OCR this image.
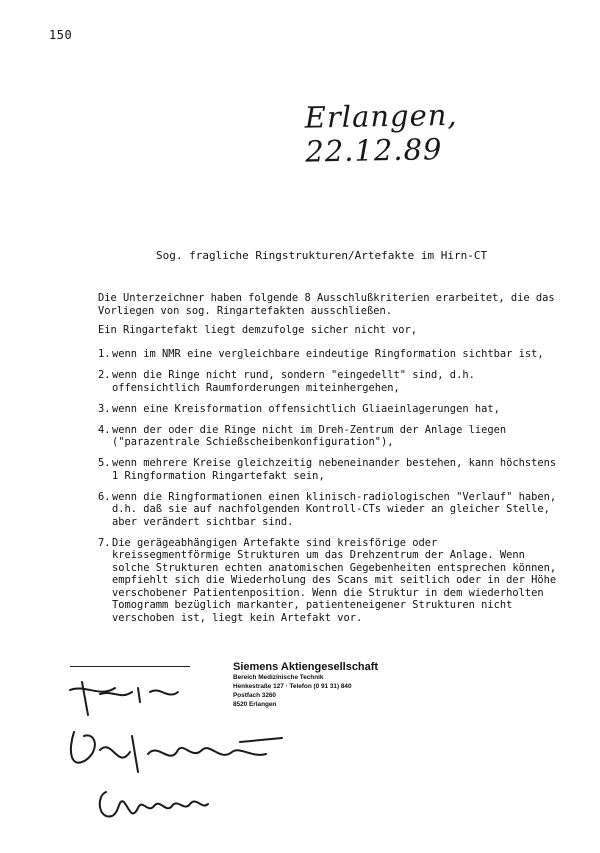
150
Erlangen, 22.12.89
Sog. fragliche Ringstrukturen/Artefakte im Hirn-CT
Die Unterzeichner haben folgende 8 Ausschlußkriterien erarbeitet, die das Vorliegen von sog. Ringartefakten ausschließen.
Ein Ringartefakt liegt demzufolge sicher nicht vor,
1. wenn im NMR eine vergleichbare eindeutige Ringformation sichtbar ist,
2. wenn die Ringe nicht rund, sondern "eingedellt" sind, d.h. offensichtlich Raumforderungen miteinhergehen,
3. wenn eine Kreisformation offensichtlich Gliaeinlagerungen hat,
4. wenn der oder die Ringe nicht im Dreh-Zentrum der Anlage liegen ("parazentrale Schießscheibenkonfiguration"),
5. wenn mehrere Kreise gleichzeitig nebeneinander bestehen, kann höchstens 1 Ringformation Ringartefakt sein,
6. wenn die Ringformationen einen klinisch-radiologischen "Verlauf" haben, d.h. daß sie auf nachfolgenden Kontroll-CTs wieder an gleicher Stelle, aber verändert sichtbar sind.
7. Die gerägeabhängigen Artefakte sind kreisförige oder kreissegmentförmige Strukturen um das Drehzentrum der Anlage. Wenn solche Strukturen echten anatomischen Gegebenheiten entsprechen können, empfiehlt sich die Wiederholung des Scans mit seitlich oder in der Höhe verschobener Patientenposition. Wenn die Struktur in dem wiederholten Tomogramm bezüglich markanter, patienteneigener Strukturen nicht verschoben ist, liegt kein Artefakt vor.
Siemens Aktiengesellschaft
Bereich Medizinische Technik
Henkestraße 127 · Telefon (0 91 31) 840
Postfach 3260
8520 Erlangen
